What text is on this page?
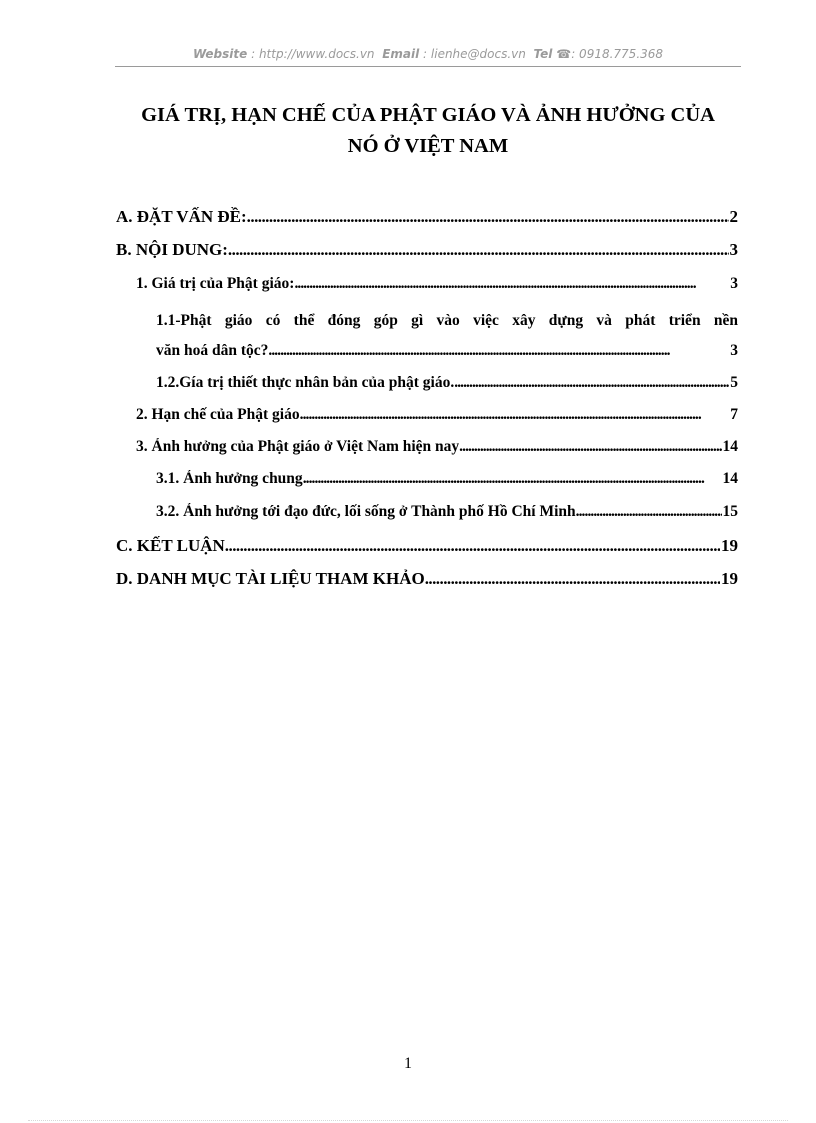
Website : http://www.docs.vn Email : lienhe@docs.vn Tel ☎: 0918.775.368
GIÁ TRỊ, HẠN CHẾ CỦA PHẬT GIÁO VÀ ẢNH HƯỞNG CỦA
NÓ Ở VIỆT NAM
A. ĐẶT VẤN ĐỀ: . . .	2
B. NỘI DUNG: . . .	3
1. Giá trị của Phật giáo: . . .	3
1.1-Phật giáo có thể đóng góp gì vào việc xây dựng và phát triển nền
văn hoá dân tộc? . . .	3
1.2.Gía trị thiết thực nhân bản của phật giáo. . . .	5
2. Hạn chế của Phật giáo . . .	7
3. Ảnh hưởng của Phật giáo ở Việt Nam hiện nay . . .	14
3.1. Ảnh hưởng chung . . .	14
3.2. Ảnh hưởng tới đạo đức, lối sống ở Thành phố Hồ Chí Minh . . .	15
C. KẾT LUẬN . . .	19
D. DANH MỤC TÀI LIỆU THAM KHẢO . . .	19
1
